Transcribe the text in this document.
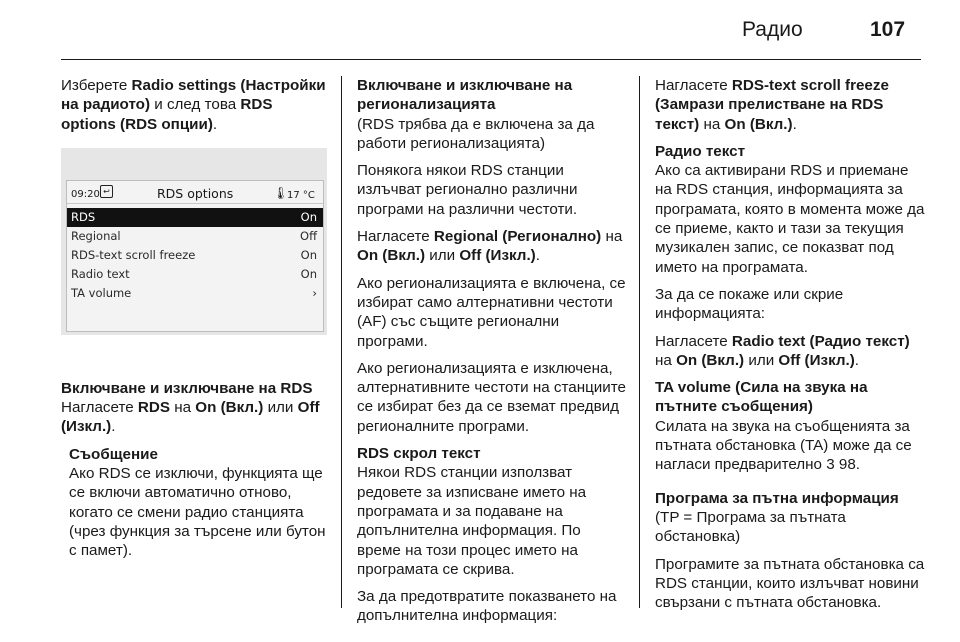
Радио	107

Изберете Radio settings (Настройки на радиото) и след това RDS options (RDS опции).

09:20 ↩	RDS options	🌡
17 °C
RDS	On
Regional	Off
RDS-text scroll freeze	On
Radio text	On
TA volume	›
Включване и изключване на RDS

Нагласете RDS на On (Вкл.) или Off (Изкл.).

Съобщение
Ако RDS се изключи, функцията ще се включи автоматично отново, когато се смени радио станцията (чрез функция за търсене или бутон с памет).
Включване и изключване на регионализацията

(RDS трябва да е включена за да работи регионализацията)

Понякога някои RDS станции излъчват регионално различни програми на различни честоти.

Нагласете Regional (Регионално) на On (Вкл.) или Off (Изкл.).

Ако регионализацията е включена, се избират само алтернативни честоти (AF) със същите регионални програми.

Ако регионализацията е изключена, алтернативните честоти на станциите се избират без да се вземат предвид регионалните програми.

RDS скрол текст

Някои RDS станции използват редовете за изписване името на програмата и за подаване на допълнителна информация. По време на този процес името на програмата се скрива.

За да предотвратите показването на допълнителна информация:

Нагласете RDS-text scroll freeze (Замрази прелистване на RDS текст) на On (Вкл.).

Радио текст

Ако са активирани RDS и приемане на RDS станция, информацията за програмата, която в момента може да се приеме, както и тази за текущия музикален запис, се показват под името на програмата.

За да се покаже или скрие информацията:

Нагласете Radio text (Радио текст) на On (Вкл.) или Off (Изкл.).

TA volume (Сила на звука на пътните съобщения)

Силата на звука на съобщенията за пътната обстановка (TA) може да се нагласи предварително 3 98.

Програма за пътна информация

(TP = Програма за пътната обстановка)

Програмите за пътната обстановка са RDS станции, които излъчват новини свързани с пътната обстановка.
